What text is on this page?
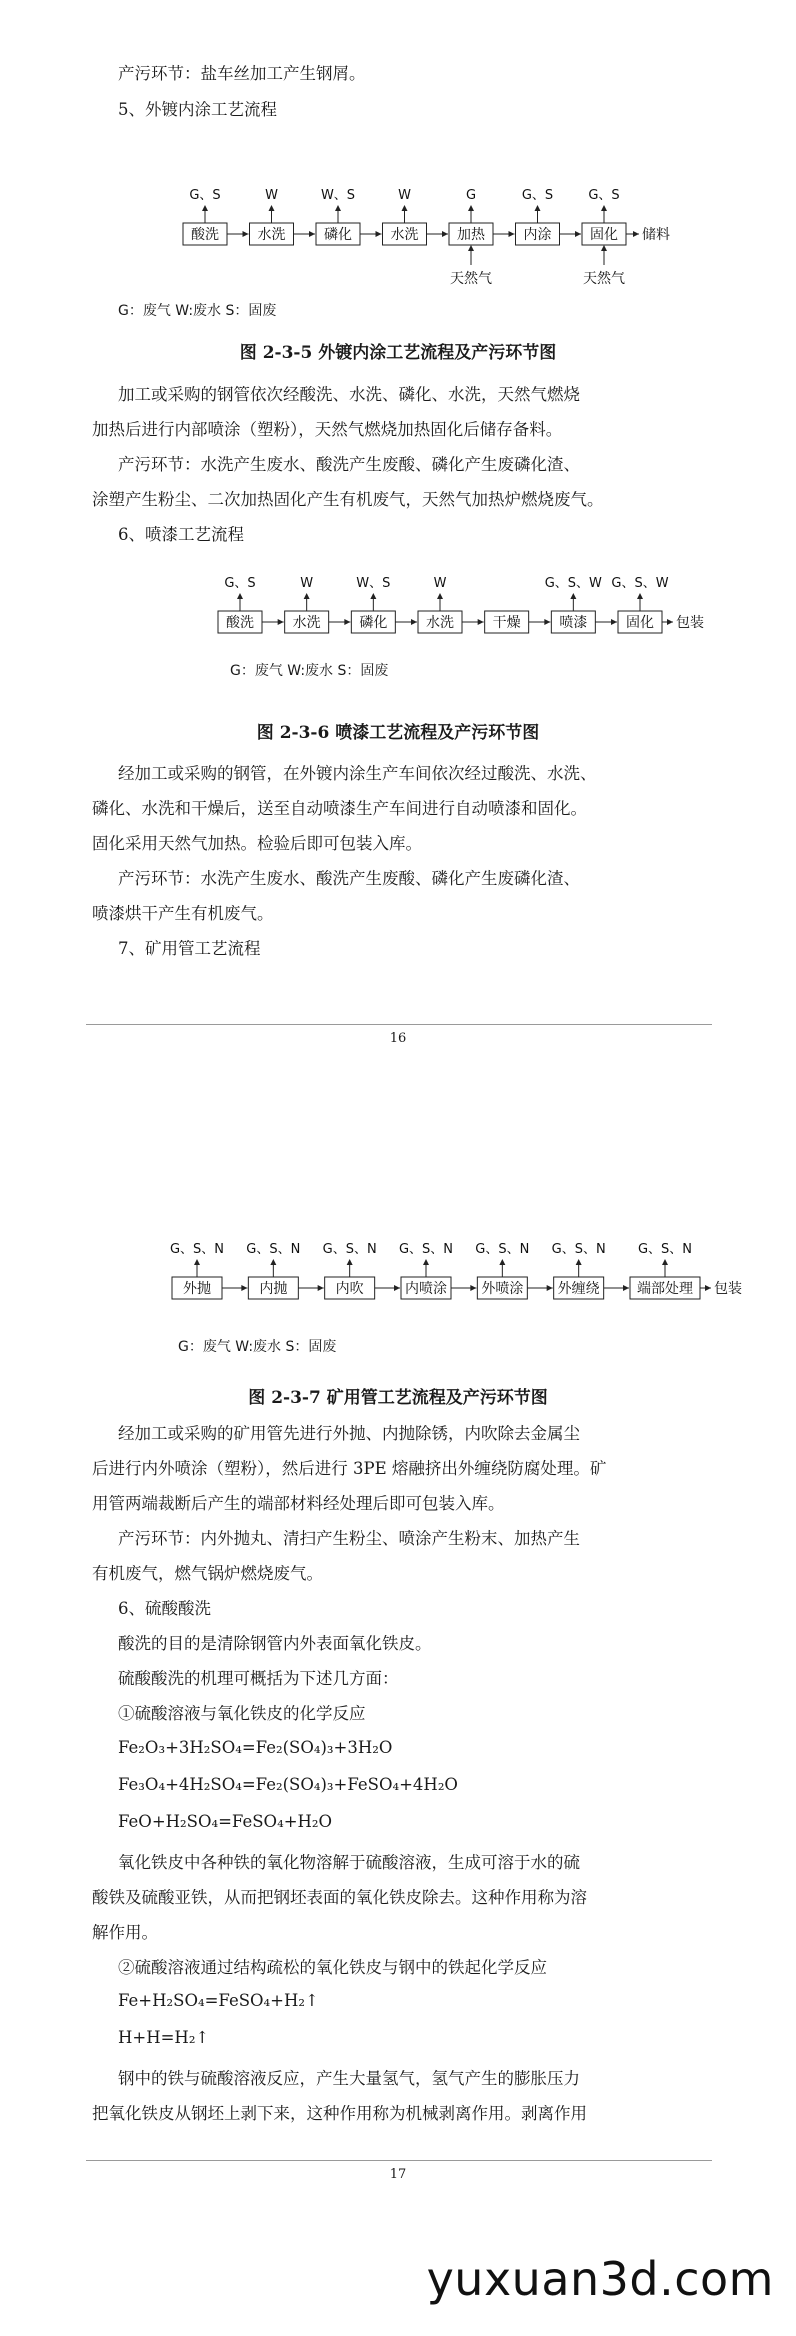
产污环节：盐车丝加工产生钢屑。
5、外镀内涂工艺流程
酸洗
G、S
水洗
W
磷化
W、S
水洗
W
加热
G
内涂
G、S
固化
G、S
储料
天然气	天然气
G：废气 W:废水 S：固废
图 2-3-5 外镀内涂工艺流程及产污环节图
加工或采购的钢管依次经酸洗、水洗、磷化、水洗，天然气燃烧
加热后进行内部喷涂（塑粉），天然气燃烧加热固化后储存备料。
产污环节：水洗产生废水、酸洗产生废酸、磷化产生废磷化渣、
涂塑产生粉尘、二次加热固化产生有机废气，天然气加热炉燃烧废气。
6、喷漆工艺流程
酸洗
G、S
水洗
W
磷化
W、S
水洗
W
干燥	喷漆
G、S、W
固化
G、S、W
包装
G：废气 W:废水 S：固废
图 2-3-6 喷漆工艺流程及产污环节图
经加工或采购的钢管，在外镀内涂生产车间依次经过酸洗、水洗、
磷化、水洗和干燥后，送至自动喷漆生产车间进行自动喷漆和固化。
固化采用天然气加热。检验后即可包装入库。
产污环节：水洗产生废水、酸洗产生废酸、磷化产生废磷化渣、
喷漆烘干产生有机废气。
7、矿用管工艺流程
16
外抛
G、S、N
内抛
G、S、N
内吹
G、S、N
内喷涂
G、S、N
外喷涂
G、S、N
外缠绕
G、S、N
端部处理
G、S、N
包装
G：废气 W:废水 S：固废
图 2-3-7 矿用管工艺流程及产污环节图
经加工或采购的矿用管先进行外抛、内抛除锈，内吹除去金属尘
后进行内外喷涂（塑粉），然后进行 3PE 熔融挤出外缠绕防腐处理。矿
用管两端裁断后产生的端部材料经处理后即可包装入库。
产污环节：内外抛丸、清扫产生粉尘、喷涂产生粉末、加热产生
有机废气，燃气锅炉燃烧废气。
6、硫酸酸洗
酸洗的目的是清除钢管内外表面氧化铁皮。
硫酸酸洗的机理可概括为下述几方面：
①硫酸溶液与氧化铁皮的化学反应
Fe₂O₃+3H₂SO₄=Fe₂(SO₄)₃+3H₂O
Fe₃O₄+4H₂SO₄=Fe₂(SO₄)₃+FeSO₄+4H₂O
FeO+H₂SO₄=FeSO₄+H₂O
氧化铁皮中各种铁的氧化物溶解于硫酸溶液，生成可溶于水的硫
酸铁及硫酸亚铁，从而把钢坯表面的氧化铁皮除去。这种作用称为溶
解作用。
②硫酸溶液通过结构疏松的氧化铁皮与钢中的铁起化学反应
Fe+H₂SO₄=FeSO₄+H₂↑
H+H=H₂↑
钢中的铁与硫酸溶液反应，产生大量氢气，氢气产生的膨胀压力
把氧化铁皮从钢坯上剥下来，这种作用称为机械剥离作用。剥离作用
17
yuxuan3d.com
